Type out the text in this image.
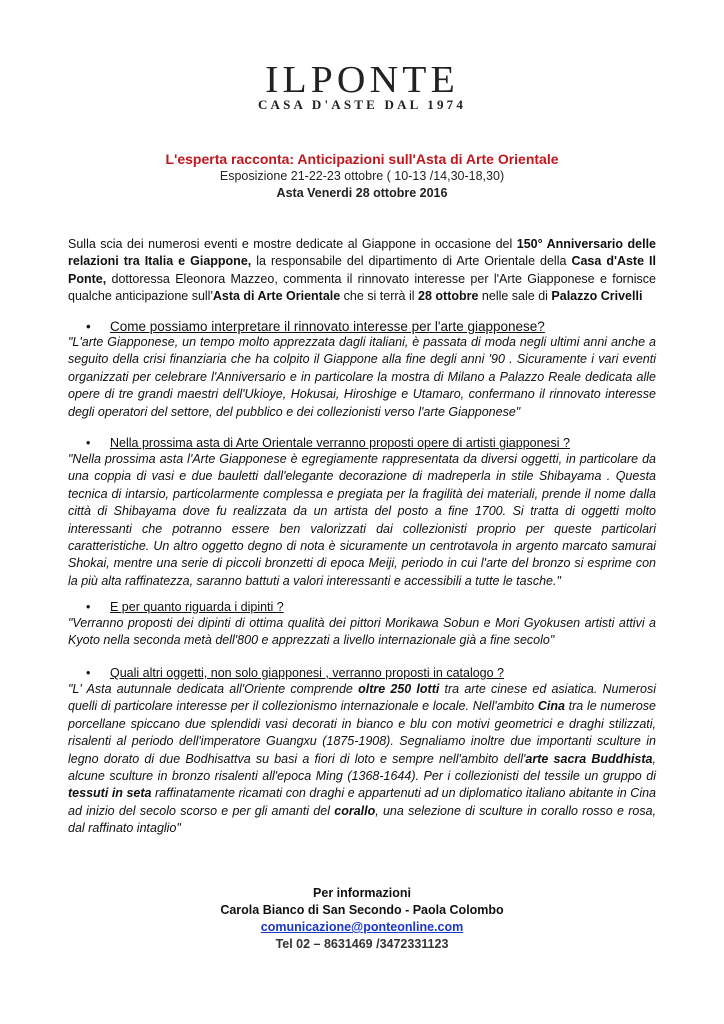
ILPONTE
CASA D'ASTE DAL 1974
L'esperta racconta: Anticipazioni sull'Asta di Arte Orientale
Esposizione 21-22-23 ottobre ( 10-13 /14,30-18,30)
Asta Venerdi 28 ottobre 2016
Sulla scia dei numerosi eventi e mostre dedicate al Giappone in occasione del 150° Anniversario delle relazioni tra Italia e Giappone, la responsabile del dipartimento di Arte Orientale della Casa d'Aste Il Ponte, dottoressa Eleonora Mazzeo, commenta il rinnovato interesse per l'Arte Giapponese e fornisce qualche anticipazione sull'Asta di Arte Orientale che si terrà il 28 ottobre nelle sale di Palazzo Crivelli
• Come possiamo interpretare il rinnovato interesse per l'arte giapponese?
"L'arte Giapponese, un tempo molto apprezzata dagli italiani, è passata di moda negli ultimi anni anche a seguito della crisi finanziaria che ha colpito il Giappone alla fine degli anni '90 . Sicuramente i vari eventi organizzati per celebrare l'Anniversario e in particolare la mostra di Milano a Palazzo Reale dedicata alle opere di tre grandi maestri dell'Ukioye, Hokusai, Hiroshige e Utamaro, confermano il rinnovato interesse degli operatori del settore, del pubblico e dei collezionisti verso l'arte Giapponese"
• Nella prossima asta di Arte Orientale verranno proposti opere di artisti giapponesi ?
"Nella prossima asta l'Arte Giapponese è egregiamente rappresentata da diversi oggetti, in particolare da una coppia di vasi e due bauletti dall'elegante decorazione di madreperla in stile Shibayama . Questa tecnica di intarsio, particolarmente complessa e pregiata per la fragilità dei materiali, prende il nome dalla città di Shibayama dove fu realizzata da un artista del posto a fine 1700. Si tratta di oggetti molto interessanti che potranno essere ben valorizzati dai collezionisti proprio per queste particolari caratteristiche. Un altro oggetto degno di nota è sicuramente un centrotavola in argento marcato samurai Shokai, mentre una serie di piccoli bronzetti di epoca Meiji, periodo in cui l'arte del bronzo si esprime con la più alta raffinatezza, saranno battuti a valori interessanti e accessibili a tutte le tasche."
• E per quanto riguarda i dipinti ?
"Verranno proposti dei dipinti di ottima qualità dei pittori Morikawa Sobun e Mori Gyokusen artisti attivi a Kyoto nella seconda metà dell'800 e apprezzati a livello internazionale già a fine secolo"
• Quali altri oggetti, non solo giapponesi , verranno proposti in catalogo ?
"L' Asta autunnale dedicata all'Oriente comprende oltre 250 lotti tra arte cinese ed asiatica. Numerosi quelli di particolare interesse per il collezionismo internazionale e locale. Nell'ambito Cina tra le numerose porcellane spiccano due splendidi vasi decorati in bianco e blu con motivi geometrici e draghi stilizzati, risalenti al periodo dell'imperatore Guangxu (1875-1908). Segnaliamo inoltre due importanti sculture in legno dorato di due Bodhisattva su basi a fiori di loto e sempre nell'ambito dell'arte sacra Buddhista, alcune sculture in bronzo risalenti all'epoca Ming (1368-1644). Per i collezionisti del tessile un gruppo di tessuti in seta raffinatamente ricamati con draghi e appartenuti ad un diplomatico italiano abitante in Cina ad inizio del secolo scorso e per gli amanti del corallo, una selezione di sculture in corallo rosso e rosa, dal raffinato intaglio"
Per informazioni
Carola Bianco di San Secondo - Paola Colombo
comunicazione@ponteonline.com
Tel 02 – 8631469 /3472331123
